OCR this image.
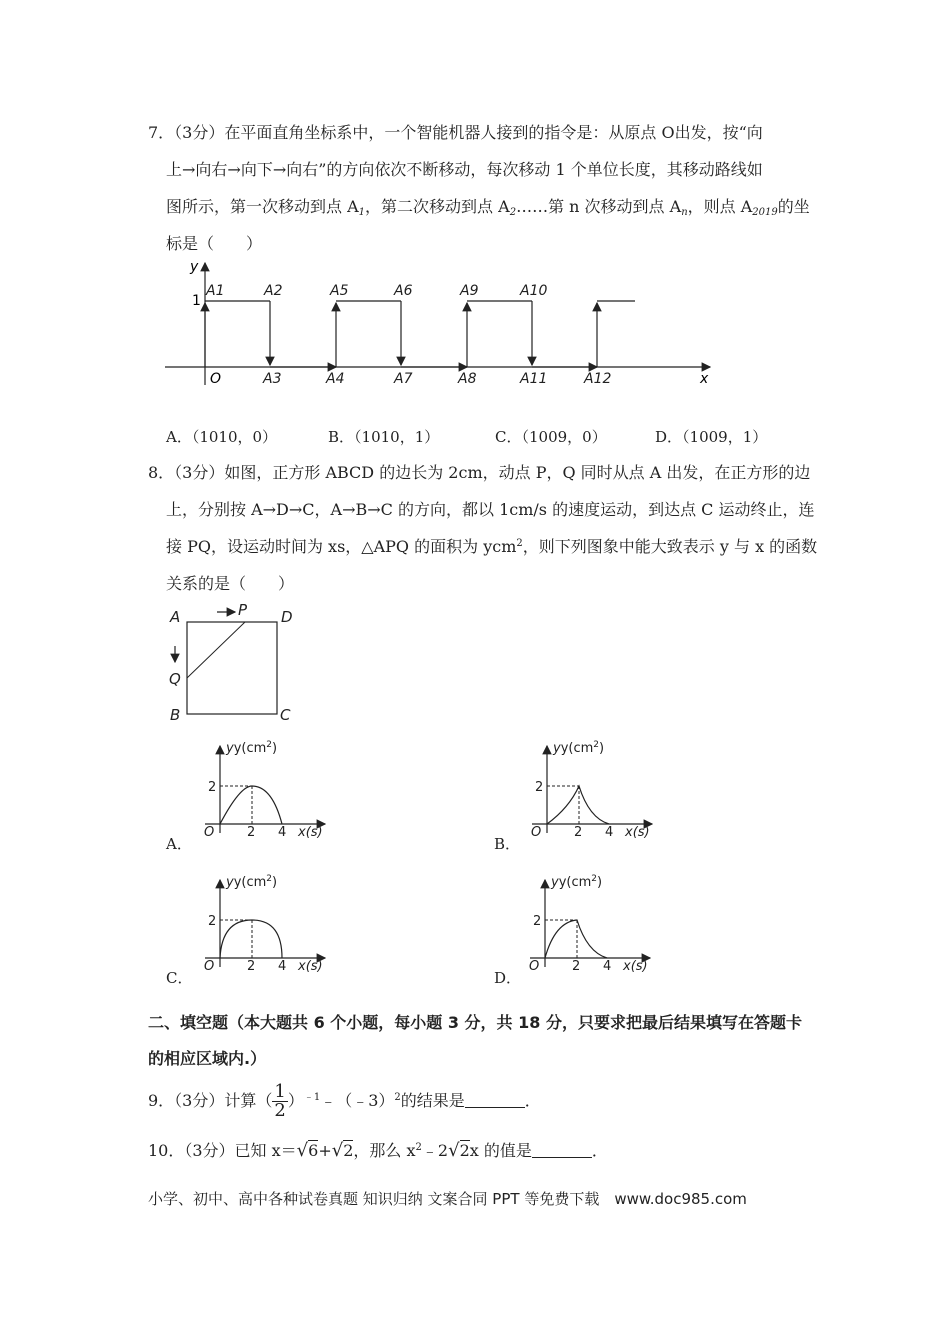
7．（3分）在平面直角坐标系中，一个智能机器人接到的指令是：从原点 O出发，按“向
上→向右→向下→向右”的方向依次不断移动，每次移动 1 个单位长度，其移动路线如
图所示，第一次移动到点 $A_1$，第二次移动到点 $A_2\dots\dots$第 n 次移动到点 $A_n$，则点 $A_{2019}$的坐
标是（　　）
y
x
O
1
A1	A2	A5	A6	A9	A10
A3	A4	A7	A8	A11	A12
A．（1010，0）	B．（1010，1）	C．（1009，0）	D．（1009，1）
8．（3分）如图，正方形 ABCD 的边长为 2cm，动点 P，Q 同时从点 A 出发，在正方形的边
上，分别按 A→D→C，A→B→C 的方向，都以 1cm/s 的速度运动，到达点 C 运动终止，连
接 PQ，设运动时间为 xs，△APQ 的面积为 ycm$^2$，则下列图象中能大致表示 y 与 x 的函数
关系的是（　　）
A	P D
Q
B	C
$yy(cm^2)$
2
O	2 4 x(s)
A．
$yy(cm^2)$
2
O	2 4 x(s)
B．
$yy(cm^2)$
2
O	2 4 x(s)
C．
$yy(cm^2)$
2
O	2 4 x(s)
D．
二、填空题（本大题共 6 个小题，每小题 3 分，共 18 分，只要求把最后结果填写在答题卡
的相应区域内.）
9．（3分）计算（ $\frac{1}{2}$ ）$^{﹣1}$﹣（﹣3）$^2$的结果是	．
10．（3分）已知 x＝√6+√2，那么 $x^2﹣2√2x$ 的值是	．
小学、初中、高中各种试卷真题 知识归纳 文案合同 PPT 等免费下载　www.doc985.com
